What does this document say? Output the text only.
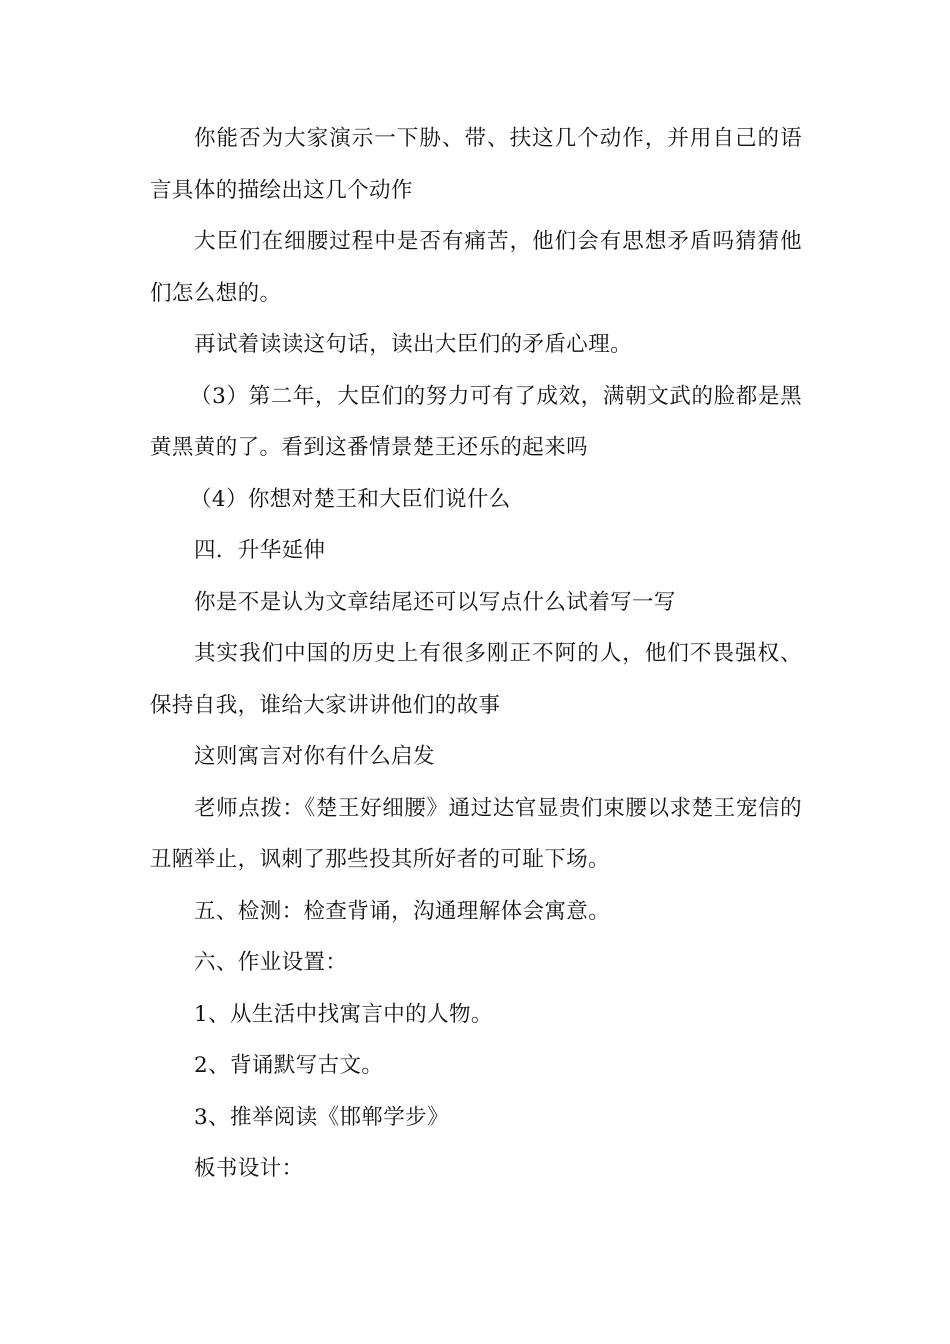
你能否为大家演示一下胁、带、扶这几个动作，并用自己的语言具体的描绘出这几个动作

大臣们在细腰过程中是否有痛苦，他们会有思想矛盾吗猜猜他们怎么想的。

再试着读读这句话，读出大臣们的矛盾心理。

（3）第二年，大臣们的努力可有了成效，满朝文武的脸都是黑黄黑黄的了。看到这番情景楚王还乐的起来吗

（4）你想对楚王和大臣们说什么

四．升华延伸

你是不是认为文章结尾还可以写点什么试着写一写

其实我们中国的历史上有很多刚正不阿的人，他们不畏强权、保持自我，谁给大家讲讲他们的故事

这则寓言对你有什么启发

老师点拨：《楚王好细腰》通过达官显贵们束腰以求楚王宠信的丑陋举止，讽刺了那些投其所好者的可耻下场。

五、检测：检查背诵，沟通理解体会寓意。

六、作业设置：

1、从生活中找寓言中的人物。

2、背诵默写古文。

3、推举阅读《邯郸学步》

板书设计：
